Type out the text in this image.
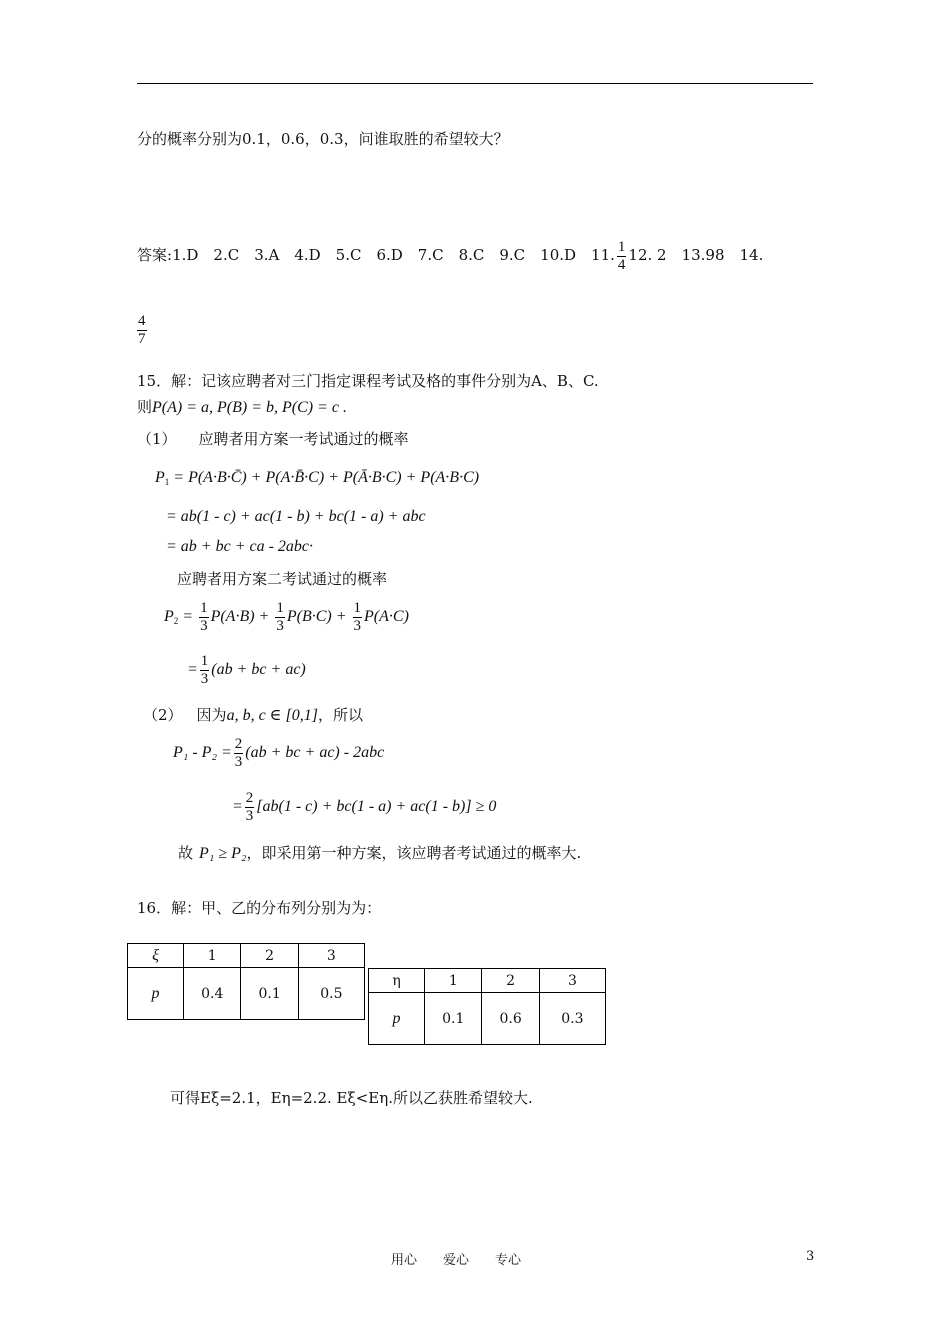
分的概率分别为0.1，0.6，0.3，问谁取胜的希望较大？
答案:1.D　2.C　3.A　4.D　5.C　6.D　7.C　8.C　9.C　10.D　11. $\frac{1}{4} 12$. 2　13.98　14.
$\frac{4}{7}$
15．解：记该应聘者对三门指定课程考试及格的事件分别为A、B、C.
则P(A) = a, P(B) = b, P(C) = c .
（1） 应聘者用方案一考试通过的概率
$P_1$ = P(A·B·C̄) + P(A·B̄·C) + P(Ā·B·C) + P(A·B·C)
= ab(1 - c) + ac(1 - b) + bc(1 - a) + abc
= ab + bc + ca - 2abc·
应聘者用方案二考试通过的概率
$P_2 = \frac{1}{3} P(A\cdot B) + \frac{1}{3} P(B\cdot C) + \frac{1}{3} P(A\cdot C)$
= $\frac{1}{3} (ab$ + bc + ac)
（2） 因为a, b, c ∈ [0,1]，所以
$P_1 - P_2 = \frac{2}{3} (ab$ + bc + ac) - 2abc
= $\frac{2}{3} [ab(1 - c) + bc(1 - a) + ac(1 - b)] \ge 0$
故 P₁ ≥ P₂，即采用第一种方案，该应聘者考试通过的概率大.
16．解：甲、乙的分布列分别为为：
ξ	1	2	3
p	0.4	0.1	0.5
η	1	2	3
p	0.1	0.6	0.3
可得Eξ=2.1，Eη=2.2. Eξ<Eη.所以乙获胜希望较大.
用心　　爱心　　专心	3
